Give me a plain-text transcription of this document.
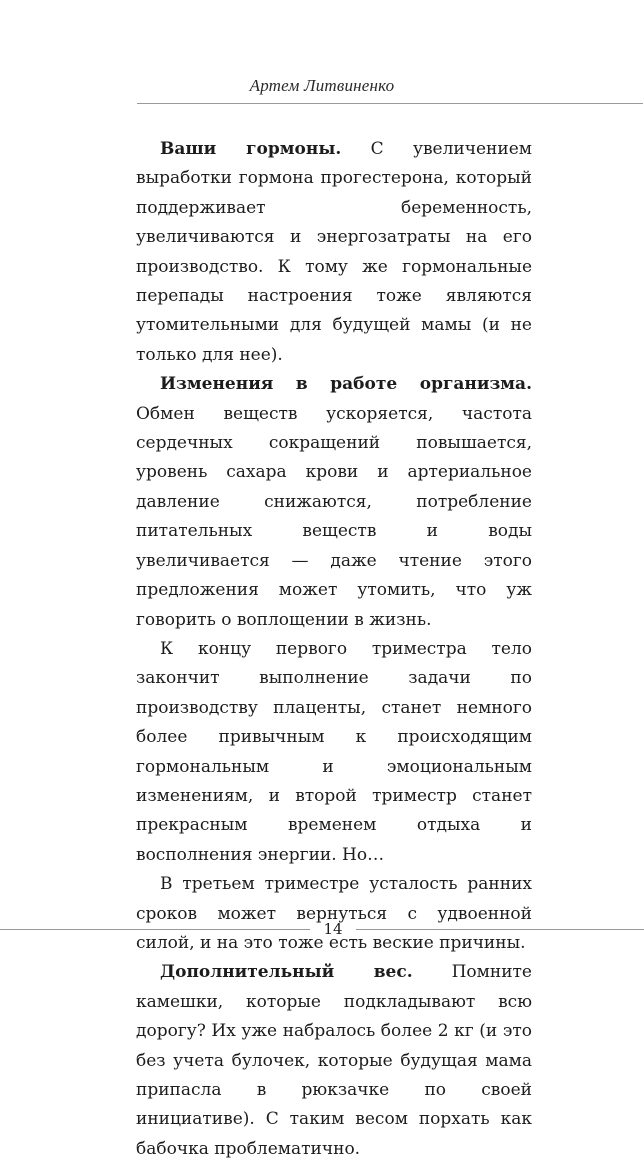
Артем Литвиненко

Ваши гормоны. С увеличением выработки гормона прогестерона, который поддерживает беременность, увеличиваются и энергозатраты на его производство. К тому же гормональные перепады настроения тоже являются утомительными для будущей мамы (и не только для нее).

Изменения в работе организма. Обмен веществ ускоряется, частота сердечных сокращений повышается, уровень сахара крови и артериальное давление снижаются, потребление питательных веществ и воды увеличивается — даже чтение этого предложения может утомить, что уж говорить о воплощении в жизнь.

К концу первого триместра тело закончит выполнение задачи по производству плаценты, станет немного более привычным к происходящим гормональным и эмоциональным изменениям, и второй триместр станет прекрасным временем отдыха и восполнения энергии. Но…

В третьем триместре усталость ранних сроков может вернуться с удвоенной силой, и на это тоже есть веские причины.

Дополнительный вес. Помните камешки, которые подкладывают всю дорогу? Их уже набралось более 2 кг (и это без учета булочек, которые будущая мама припасла в рюкзачке по своей инициативе). С таким весом порхать как бабочка проблематично.

14
